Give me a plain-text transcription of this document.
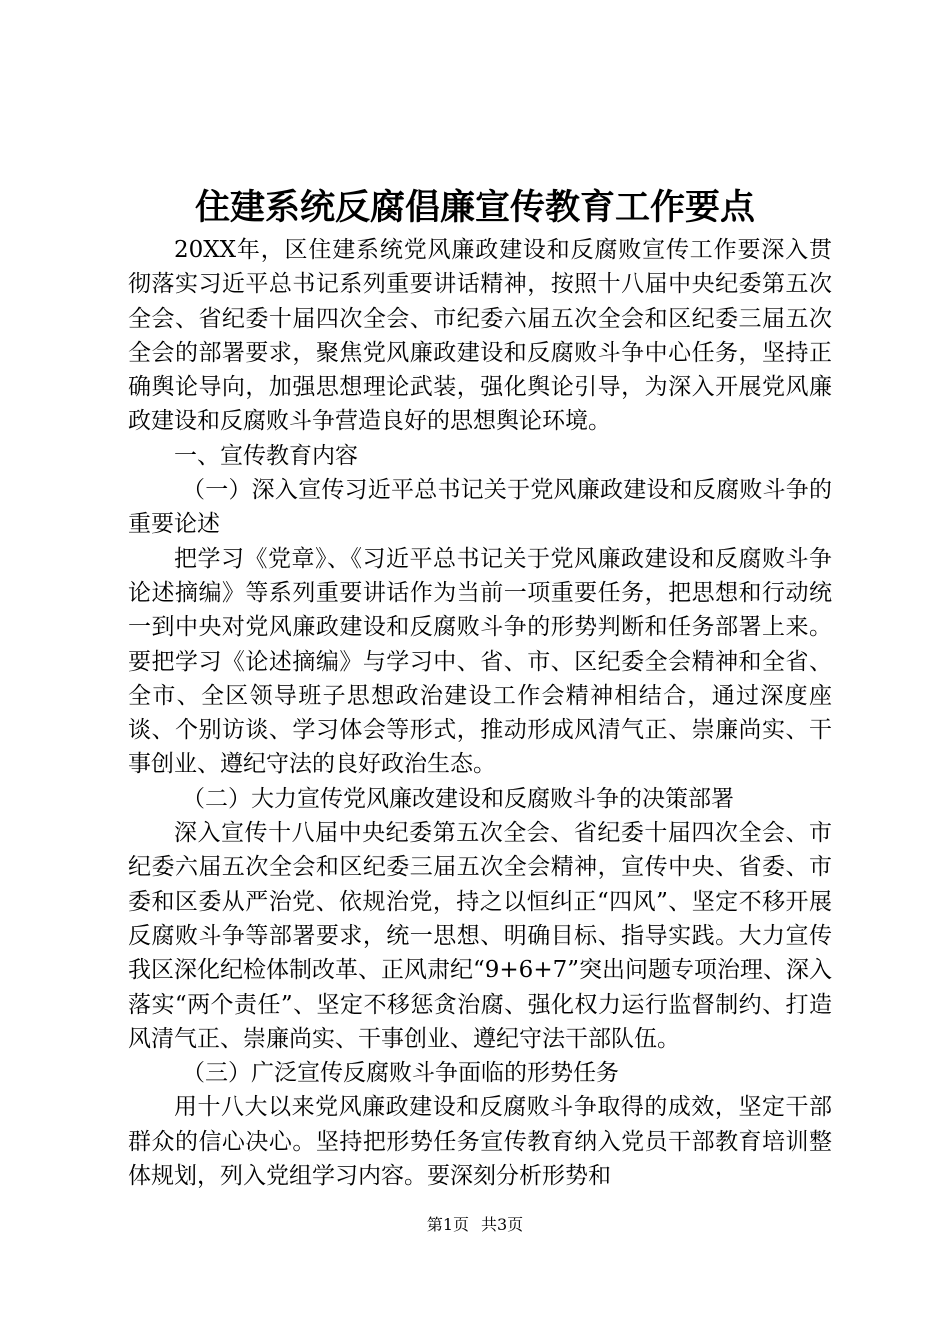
住建系统反腐倡廉宣传教育工作要点

20XX年，区住建系统党风廉政建设和反腐败宣传工作要深入贯彻落实习近平总书记系列重要讲话精神，按照十八届中央纪委第五次全会、省纪委十届四次全会、市纪委六届五次全会和区纪委三届五次全会的部署要求，聚焦党风廉政建设和反腐败斗争中心任务，坚持正确舆论导向，加强思想理论武装，强化舆论引导，为深入开展党风廉政建设和反腐败斗争营造良好的思想舆论环境。

一、宣传教育内容

（一）深入宣传习近平总书记关于党风廉政建设和反腐败斗争的重要论述

把学习《党章》、《习近平总书记关于党风廉政建设和反腐败斗争论述摘编》等系列重要讲话作为当前一项重要任务，把思想和行动统一到中央对党风廉政建设和反腐败斗争的形势判断和任务部署上来。要把学习《论述摘编》与学习中、省、市、区纪委全会精神和全省、全市、全区领导班子思想政治建设工作会精神相结合，通过深度座谈、个别访谈、学习体会等形式，推动形成风清气正、崇廉尚实、干事创业、遵纪守法的良好政治生态。

（二）大力宣传党风廉改建设和反腐败斗争的决策部署

深入宣传十八届中央纪委第五次全会、省纪委十届四次全会、市纪委六届五次全会和区纪委三届五次全会精神，宣传中央、省委、市委和区委从严治党、依规治党，持之以恒纠正“四风”、坚定不移开展反腐败斗争等部署要求，统一思想、明确目标、指导实践。大力宣传我区深化纪检体制改革、正风肃纪“9+6+7”突出问题专项治理、深入落实“两个责任”、坚定不移惩贪治腐、强化权力运行监督制约、打造风清气正、崇廉尚实、干事创业、遵纪守法干部队伍。

（三）广泛宣传反腐败斗争面临的形势任务

用十八大以来党风廉政建设和反腐败斗争取得的成效，坚定干部群众的信心决心。坚持把形势任务宣传教育纳入党员干部教育培训整体规划，列入党组学习内容。要深刻分析形势和

第1页 共3页
